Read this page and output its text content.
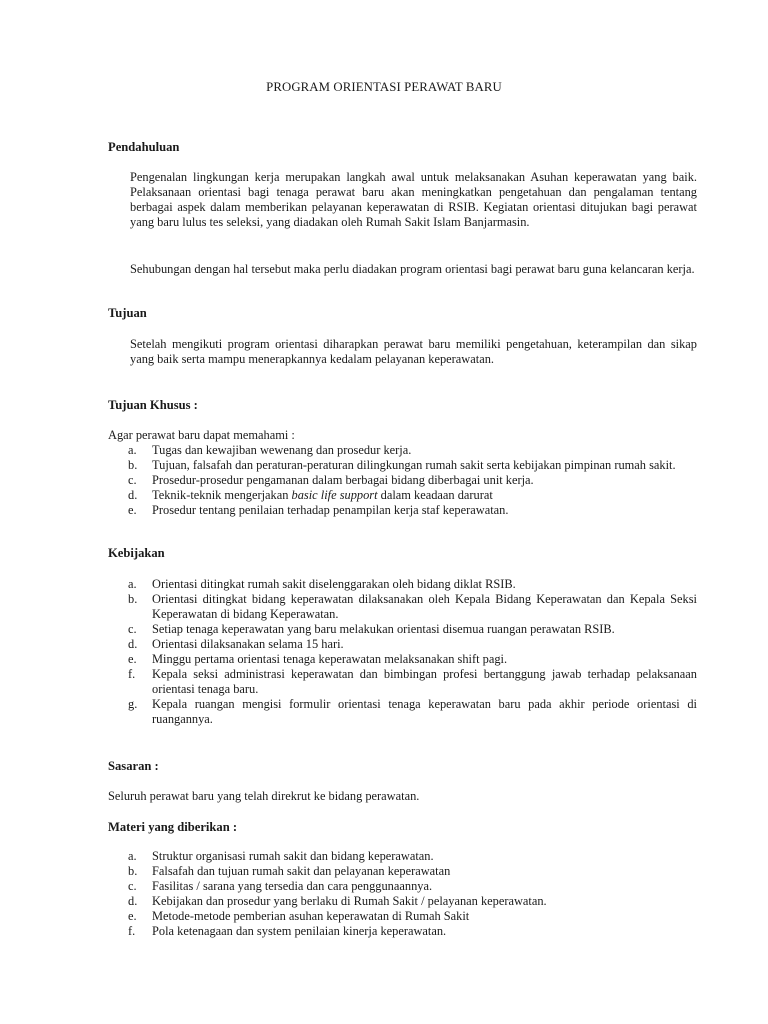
PROGRAM ORIENTASI PERAWAT BARU
Pendahuluan

Pengenalan lingkungan kerja merupakan langkah awal untuk melaksanakan Asuhan keperawatan yang baik. Pelaksanaan orientasi bagi tenaga perawat baru akan meningkatkan pengetahuan dan pengalaman tentang berbagai aspek dalam memberikan pelayanan keperawatan di RSIB. Kegiatan orientasi ditujukan bagi perawat yang baru lulus tes seleksi, yang diadakan oleh Rumah Sakit Islam Banjarmasin.

Sehubungan dengan hal tersebut maka perlu diadakan program orientasi bagi perawat baru guna kelancaran kerja.

Tujuan

Setelah mengikuti program orientasi diharapkan perawat baru memiliki pengetahuan, keterampilan dan sikap yang baik serta mampu menerapkannya kedalam pelayanan keperawatan.

Tujuan Khusus :
Agar perawat baru dapat memahami :
a.	Tugas dan kewajiban wewenang dan prosedur kerja.
b.	Tujuan, falsafah dan peraturan-peraturan dilingkungan rumah sakit serta kebijakan pimpinan rumah sakit.
c.	Prosedur-prosedur pengamanan dalam berbagai bidang diberbagai unit kerja.
d.	Teknik-teknik mengerjakan basic life support dalam keadaan darurat
e.	Prosedur tentang penilaian terhadap penampilan kerja staf keperawatan.
Kebijakan
a.	Orientasi ditingkat rumah sakit diselenggarakan oleh bidang diklat RSIB.
b.	Orientasi ditingkat bidang keperawatan dilaksanakan oleh Kepala Bidang Keperawatan dan Kepala Seksi Keperawatan di bidang Keperawatan.
c.	Setiap tenaga keperawatan yang baru melakukan orientasi disemua ruangan perawatan RSIB.
d.	Orientasi dilaksanakan selama 15 hari.
e.	Minggu pertama orientasi tenaga keperawatan melaksanakan shift pagi.
f.	Kepala seksi administrasi keperawatan dan bimbingan profesi bertanggung jawab terhadap pelaksanaan orientasi tenaga baru.
g.	Kepala ruangan mengisi formulir orientasi tenaga keperawatan baru pada akhir periode orientasi di ruangannya.
Sasaran :

Seluruh perawat baru yang telah direkrut ke bidang perawatan.

Materi yang diberikan :
a.	Struktur organisasi rumah sakit dan bidang keperawatan.
b.	Falsafah dan tujuan rumah sakit dan pelayanan keperawatan
c.	Fasilitas / sarana yang tersedia dan cara penggunaannya.
d.	Kebijakan dan prosedur yang berlaku di Rumah Sakit / pelayanan keperawatan.
e.	Metode-metode pemberian asuhan keperawatan di Rumah Sakit
f.	Pola ketenagaan dan system penilaian kinerja keperawatan.
